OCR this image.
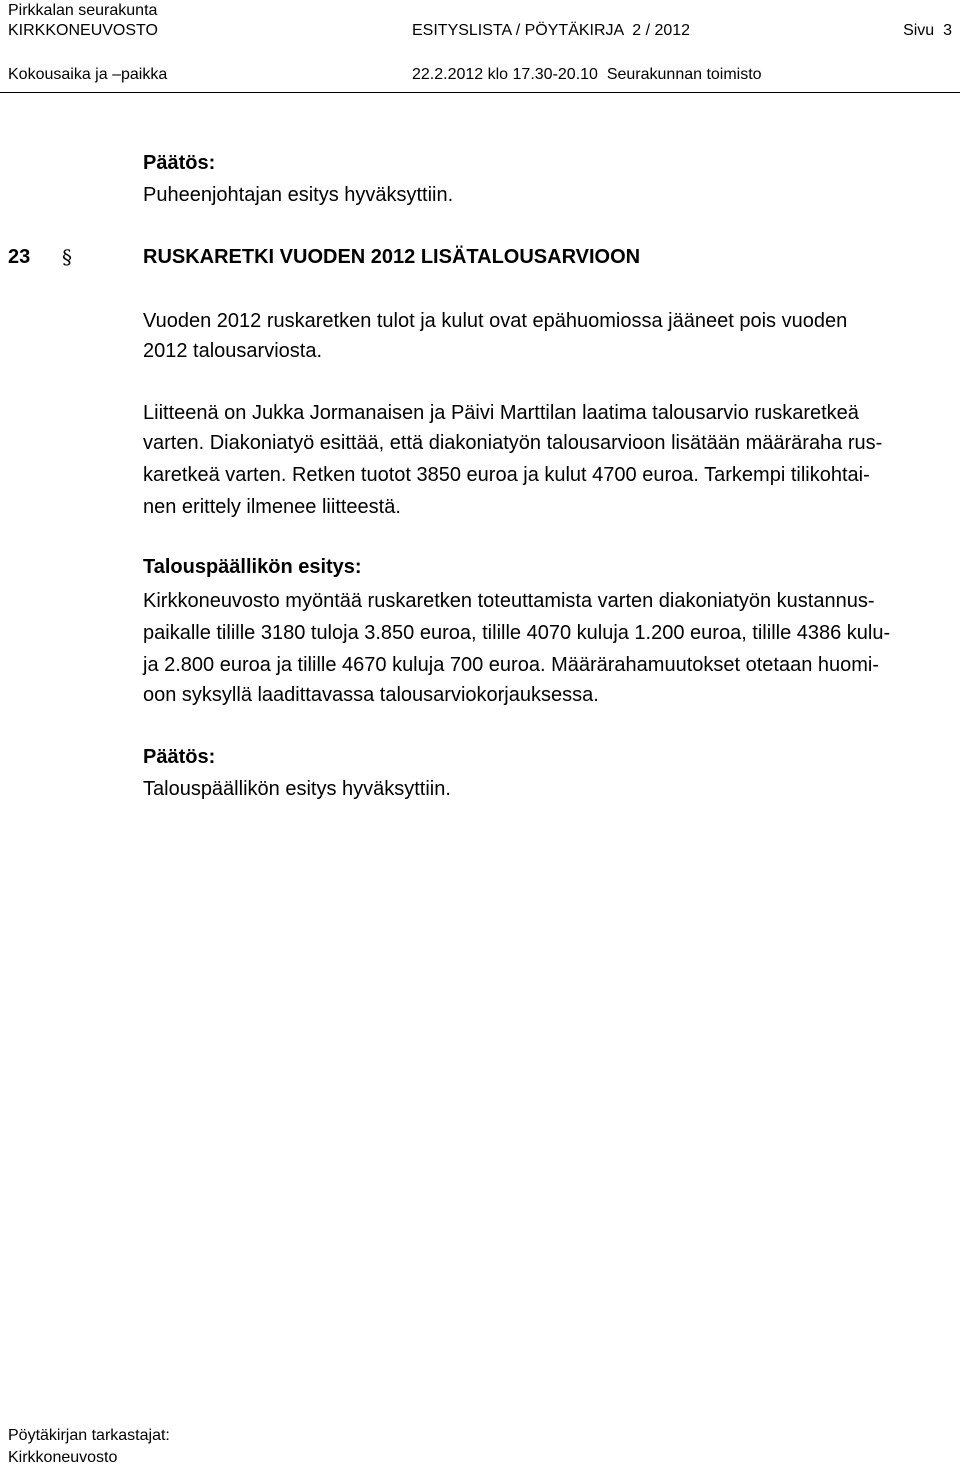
Pirkkalan seurakunta
KIRKKONEUVOSTO	ESITYSLISTA / PÖYTÄKIRJA  2 / 2012	Sivu  3
Kokousaika ja –paikka	22.2.2012 klo 17.30-20.10  Seurakunnan toimisto
Päätös:
Puheenjohtajan esitys hyväksyttiin.
23 §	RUSKARETKI VUODEN 2012 LISÄTALOUSARVIOON
Vuoden 2012 ruskaretken tulot ja kulut ovat epähuomiossa jääneet pois vuoden
2012 talousarviosta.
Liitteenä on Jukka Jormanaisen ja Päivi Marttilan laatima talousarvio ruskaretkeä
varten. Diakoniatyö esittää, että diakoniatyön talousarvioon lisätään määräraha rus-
karetkeä varten. Retken tuotot 3850 euroa ja kulut 4700 euroa. Tarkempi tilikohtai-
nen erittely ilmenee liitteestä.
Talouspäällikön esitys:
Kirkkoneuvosto myöntää ruskaretken toteuttamista varten diakoniatyön kustannus-
paikalle tilille 3180 tuloja 3.850 euroa, tilille 4070 kuluja 1.200 euroa, tilille 4386 kulu-
ja 2.800 euroa ja tilille 4670 kuluja 700 euroa. Määrärahamuutokset otetaan huomi-
oon syksyllä laadittavassa talousarviokorjauksessa.
Päätös:
Talouspäällikön esitys hyväksyttiin.
Pöytäkirjan tarkastajat:
Kirkkoneuvosto
